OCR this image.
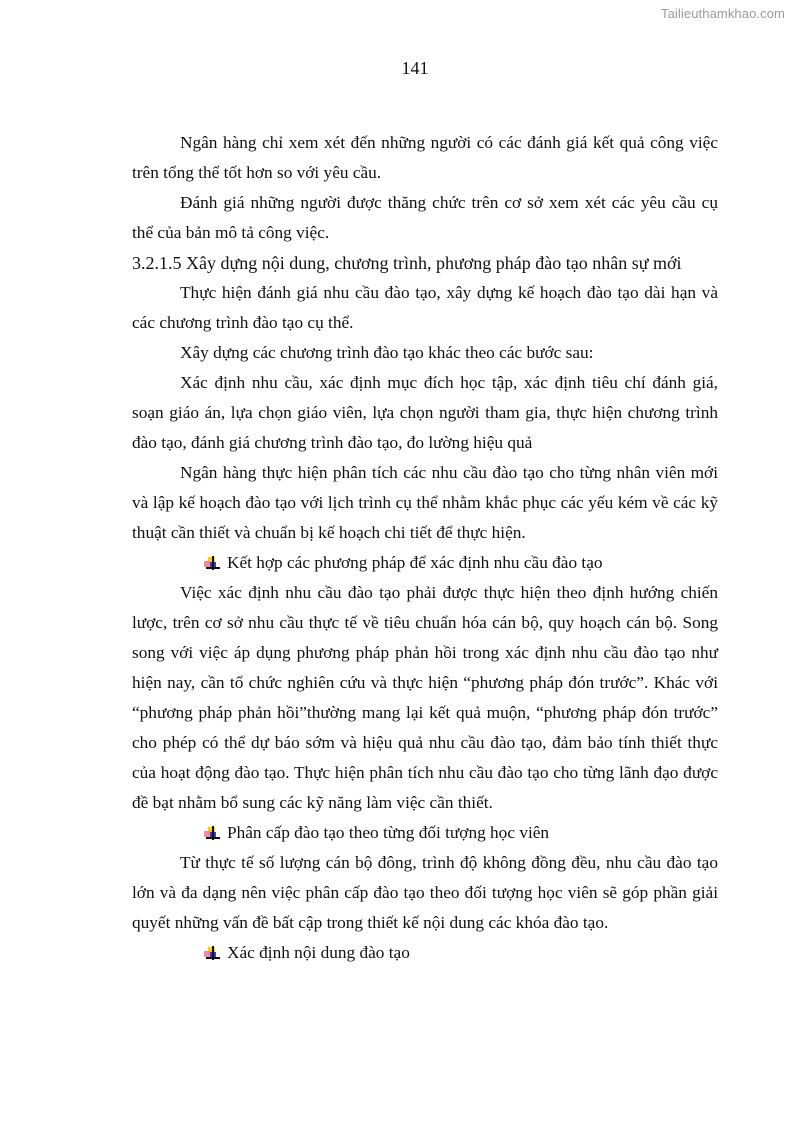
Tailieuthamkhao.com
141

Ngân hàng chỉ xem xét đến những người có các đánh giá kết quả công việc trên tổng thể tốt hơn so với yêu cầu.

Đánh giá những người được thăng chức trên cơ sở xem xét các yêu cầu cụ thể của bản mô tả công việc.

3.2.1.5 Xây dựng nội dung, chương trình, phương pháp đào tạo nhân sự mới

Thực hiện đánh giá nhu cầu đào tạo, xây dựng kế hoạch đào tạo dài hạn và các chương trình đào tạo cụ thể.

Xây dựng các chương trình đào tạo khác theo các bước sau:

Xác định nhu cầu, xác định mục đích học tập, xác định tiêu chí đánh giá, soạn giáo án, lựa chọn giáo viên, lựa chọn người tham gia, thực hiện chương trình đào tạo, đánh giá chương trình đào tạo, đo lường hiệu quả

Ngân hàng thực hiện phân tích các nhu cầu đào tạo cho từng nhân viên mới và lập kế hoạch đào tạo với lịch trình cụ thể nhằm khắc phục các yếu kém về các kỹ thuật cần thiết và chuẩn bị kế hoạch chi tiết để thực hiện.

Kết hợp các phương pháp để xác định nhu cầu đào tạo

Việc xác định nhu cầu đào tạo phải được thực hiện theo định hướng chiến lược, trên cơ sở nhu cầu thực tế về tiêu chuẩn hóa cán bộ, quy hoạch cán bộ. Song song với việc áp dụng phương pháp phản hồi trong xác định nhu cầu đào tạo như hiện nay, cần tổ chức nghiên cứu và thực hiện “phương pháp đón trước”. Khác với “phương pháp phản hồi”thường mang lại kết quả muộn, “phương pháp đón trước” cho phép có thể dự báo sớm và hiệu quả nhu cầu đào tạo, đảm bảo tính thiết thực của hoạt động đào tạo. Thực hiện phân tích nhu cầu đào tạo cho từng lãnh đạo được đề bạt nhằm bổ sung các kỹ năng làm việc cần thiết.

Phân cấp đào tạo theo từng đối tượng học viên

Từ thực tế số lượng cán bộ đông, trình độ không đồng đều, nhu cầu đào tạo lớn và đa dạng nên việc phân cấp đào tạo theo đối tượng học viên sẽ góp phần giải quyết những vấn đề bất cập trong thiết kế nội dung các khóa đào tạo.

Xác định nội dung đào tạo
